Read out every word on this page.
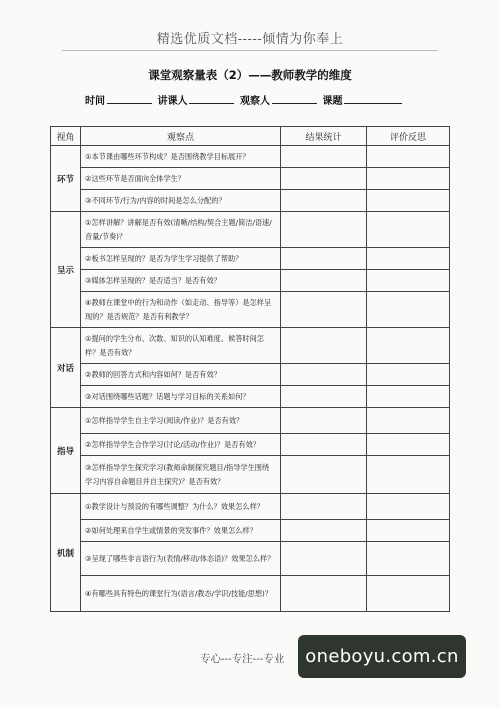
精选优质文档-----倾情为你奉上
课堂观察量表（2）——教师教学的维度
时间	讲课人	观察人	课题
视角	观察点	结果统计	评价反思
环节	①本节课由哪些环节构成？是否围绕教学目标展开？		
	②这些环节是否面向全体学生？		
	③不同环节/行为/内容的时间是怎么分配的？		
呈示	①怎样讲解？讲解是否有效(清晰/结构/契合主题/简洁/语速/音量/节奏)？		
	②板书怎样呈现的？是否为学生学习提供了帮助？		
	③媒体怎样呈现的？是否适当？是否有效？		
	④教师在课堂中的行为和动作（如走动、指导等）是怎样呈现的？是否规范？是否有利教学？		
对话	①提问的学生分布、次数、知识的认知难度、候答时间怎样？是否有效？		
	②教师的回答方式和内容如何？是否有效？		
	③对话围绕哪些话题？话题与学习目标的关系如何？		
指导	①怎样指导学生自主学习(阅读/作业)？是否有效？		
	②怎样指导学生合作学习(讨论/活动/作业)？是否有效？		
	③怎样指导学生探究学习(教师命制探究题目/指导学生围绕学习内容自命题目并自主探究)？是否有效？		
机制	①教学设计与预设的有哪些调整？为什么？效果怎么样？		
	②如何处理来自学生或情景的突发事件？效果怎么样？		
	③呈现了哪些非言语行为(表情/移动/体态语)？效果怎么样？		
	④有哪些具有特色的课堂行为(语言/教态/学识/技能/思想)？		
专心---专注---专业	oneboyu.com.cn
